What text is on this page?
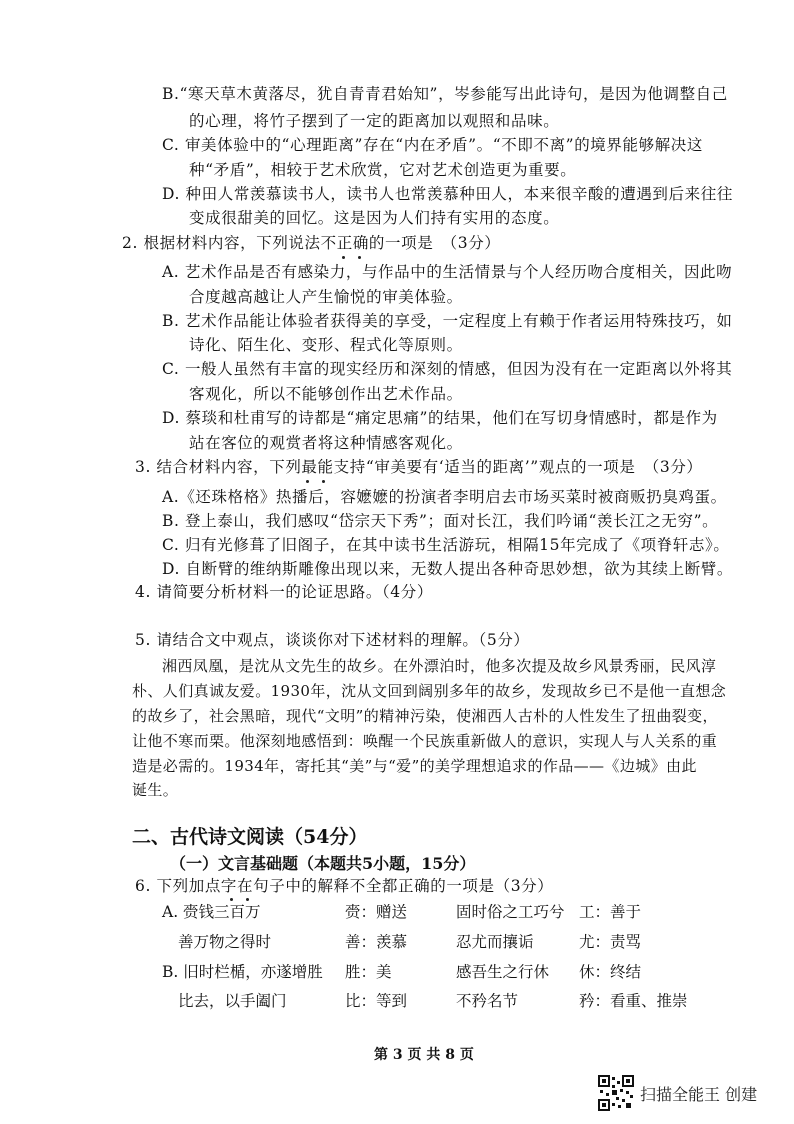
B.“寒天草木黄落尽，犹自青青君始知”，岑参能写出此诗句，是因为他调整自己
的心理，将竹子摆到了一定的距离加以观照和品味。
C. 审美体验中的“心理距离”存在“内在矛盾”。“不即不离”的境界能够解决这
种“矛盾”，相较于艺术欣赏，它对艺术创造更为重要。
D. 种田人常羡慕读书人，读书人也常羡慕种田人，本来很辛酸的遭遇到后来往往
变成很甜美的回忆。这是因为人们持有实用的态度。
2. 根据材料内容，下列说法不正确的一项是　（3分）
A. 艺术作品是否有感染力，与作品中的生活情景与个人经历吻合度相关，因此吻
合度越高越让人产生愉悦的审美体验。
B. 艺术作品能让体验者获得美的享受，一定程度上有赖于作者运用特殊技巧，如
诗化、陌生化、变形、程式化等原则。
C. 一般人虽然有丰富的现实经历和深刻的情感，但因为没有在一定距离以外将其
客观化，所以不能够创作出艺术作品。
D. 蔡琰和杜甫写的诗都是“痛定思痛”的结果，他们在写切身情感时，都是作为
站在客位的观赏者将这种情感客观化。
3. 结合材料内容，下列最能支持“审美要有‘适当的距离’”观点的一项是　（3分）
A.《还珠格格》热播后，容嬷嬷的扮演者李明启去市场买菜时被商贩扔臭鸡蛋。
B. 登上泰山，我们感叹“岱宗天下秀”；面对长江，我们吟诵“羡长江之无穷”。
C. 归有光修葺了旧阁子，在其中读书生活游玩，相隔15年完成了《项脊轩志》。
D. 自断臂的维纳斯雕像出现以来，无数人提出各种奇思妙想，欲为其续上断臂。
4. 请简要分析材料一的论证思路。（4分）
5. 请结合文中观点，谈谈你对下述材料的理解。（5分）
湘西凤凰，是沈从文先生的故乡。在外漂泊时，他多次提及故乡风景秀丽，民风淳
朴、人们真诚友爱。1930年，沈从文回到阔别多年的故乡，发现故乡已不是他一直想念
的故乡了，社会黑暗，现代“文明”的精神污染，使湘西人古朴的人性发生了扭曲裂变，
让他不寒而栗。他深刻地感悟到：唤醒一个民族重新做人的意识，实现人与人关系的重
造是必需的。1934年，寄托其“美”与“爱”的美学理想追求的作品——《边城》由此
诞生。
二、古代诗文阅读（54分）
（一）文言基础题（本题共5小题，15分）
6. 下列加点字在句子中的解释不全都正确的一项是（3分）
A. 赍钱三百万	赍：赠送	固时俗之工巧兮 工：善于
善万物之得时	善：羡慕	忍尤而攘诟	尤：责骂
B. 旧时栏楯，亦遂增胜 胜：美	感吾生之行休 休：终结
比去，以手阖门	比：等到	不矜名节	矜：看重、推崇
第 3 页 共 8 页
扫描全能王 创建
